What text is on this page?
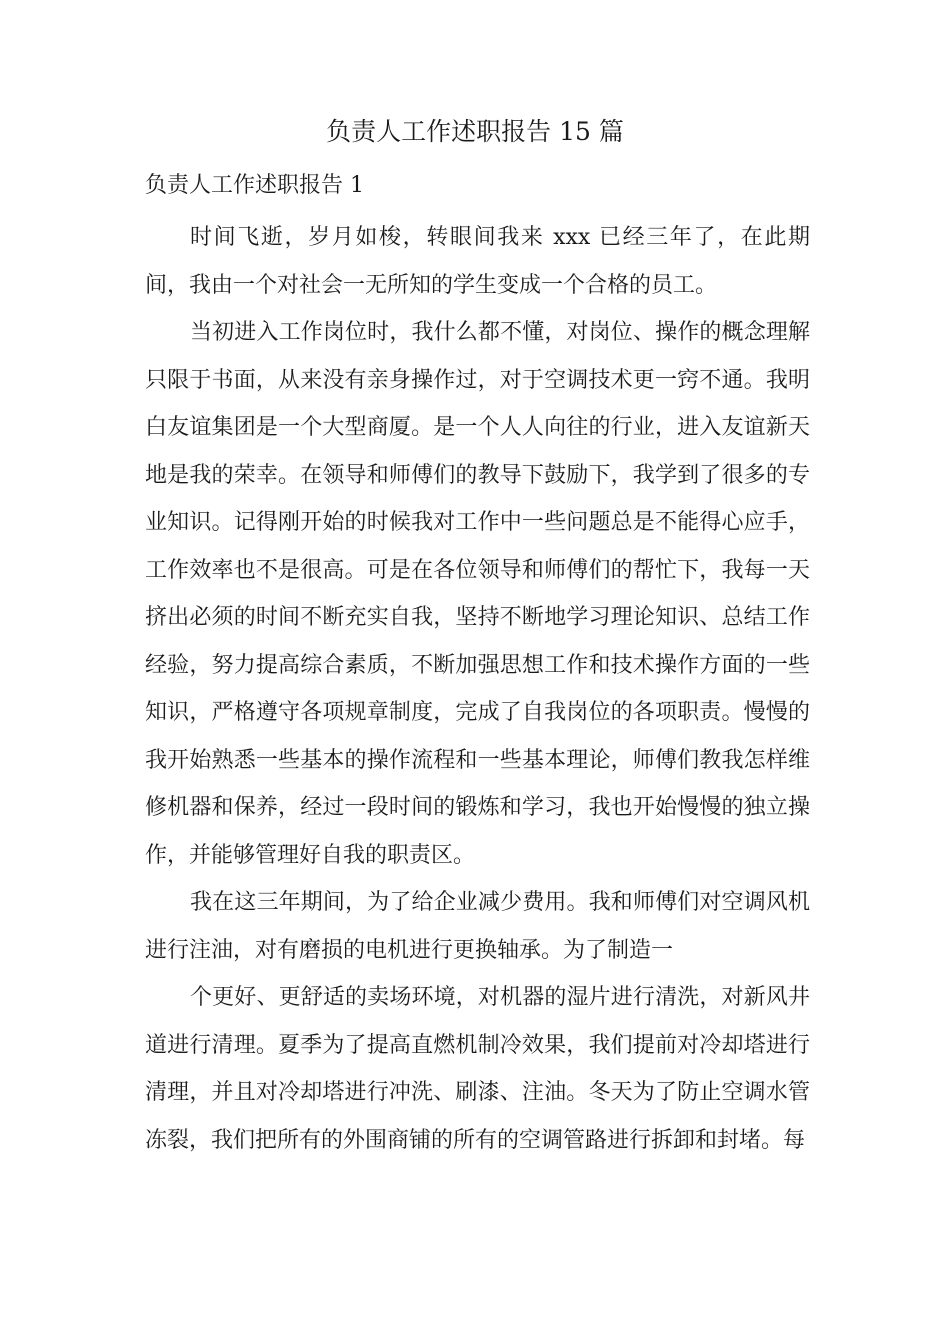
负责人工作述职报告 15 篇
负责人工作述职报告 1

时间飞逝，岁月如梭，转眼间我来 xxx 已经三年了，在此期间，我由一个对社会一无所知的学生变成一个合格的员工。

当初进入工作岗位时，我什么都不懂，对岗位、操作的概念理解只限于书面，从来没有亲身操作过，对于空调技术更一窍不通。我明白友谊集团是一个大型商厦。是一个人人向往的行业，进入友谊新天地是我的荣幸。在领导和师傅们的教导下鼓励下，我学到了很多的专业知识。记得刚开始的时候我对工作中一些问题总是不能得心应手，工作效率也不是很高。可是在各位领导和师傅们的帮忙下，我每一天挤出必须的时间不断充实自我，坚持不断地学习理论知识、总结工作经验，努力提高综合素质，不断加强思想工作和技术操作方面的一些知识，严格遵守各项规章制度，完成了自我岗位的各项职责。慢慢的我开始熟悉一些基本的操作流程和一些基本理论，师傅们教我怎样维修机器和保养，经过一段时间的锻炼和学习，我也开始慢慢的独立操作，并能够管理好自我的职责区。

我在这三年期间，为了给企业减少费用。我和师傅们对空调风机进行注油，对有磨损的电机进行更换轴承。为了制造一

个更好、更舒适的卖场环境，对机器的湿片进行清洗，对新风井道进行清理。夏季为了提高直燃机制冷效果，我们提前对冷却塔进行清理，并且对冷却塔进行冲洗、刷漆、注油。冬天为了防止空调水管冻裂，我们把所有的外围商铺的所有的空调管路进行拆卸和封堵。每
